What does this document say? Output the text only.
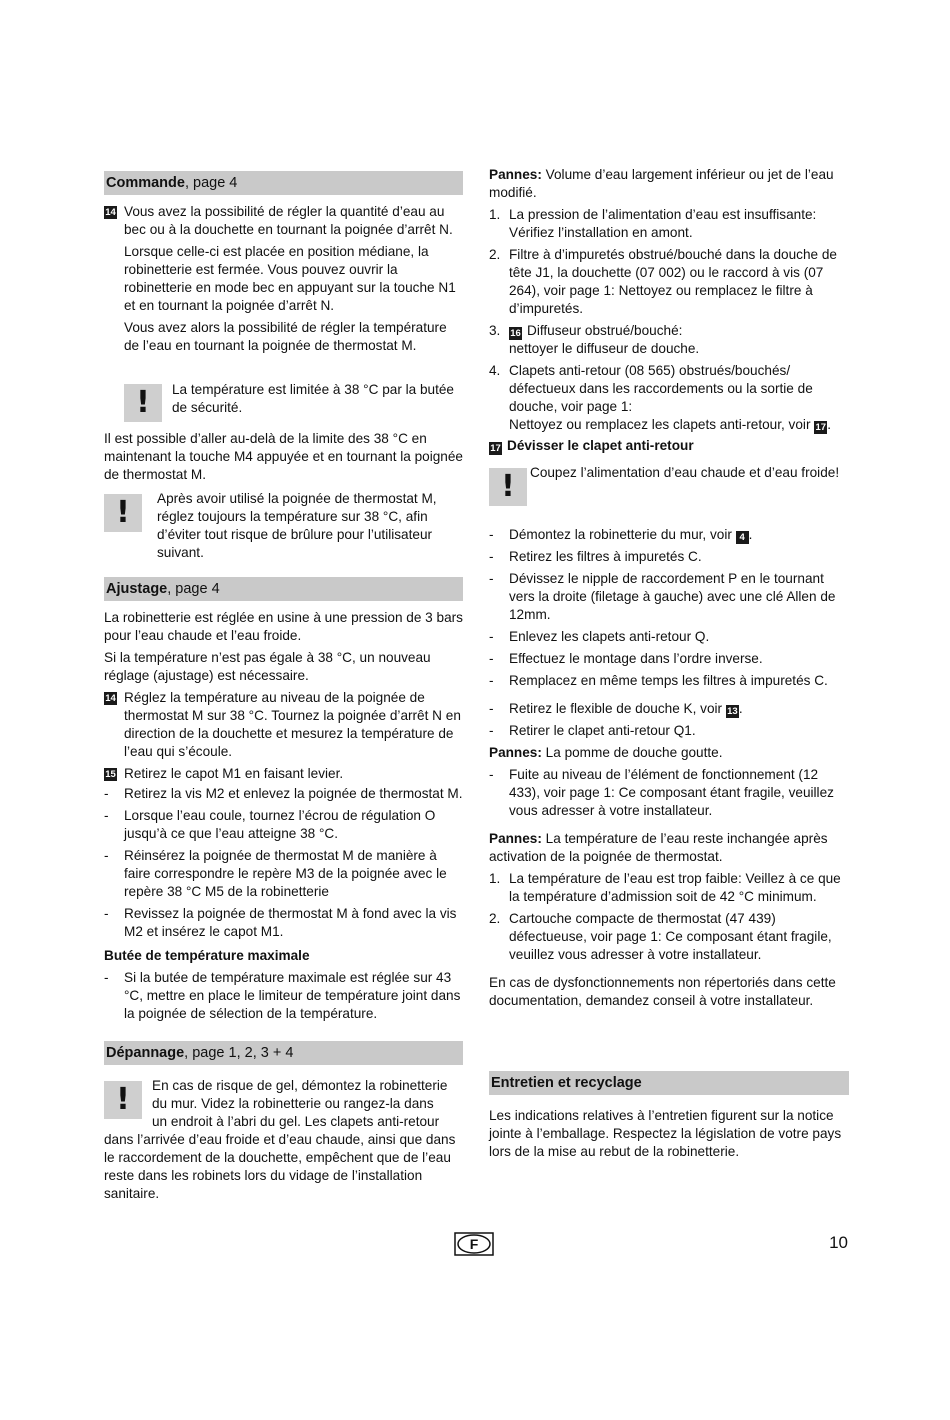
Commande, page 4
14 Vous avez la possibilité de régler la quantité d’eau au bec ou à la douchette en tournant la poignée d’arrêt N.
Lorsque celle-ci est placée en position médiane, la robinetterie est fermée. Vous pouvez ouvrir la robinetterie en mode bec en appuyant sur la touche N1 et en tournant la poignée d’arrêt N.
Vous avez alors la possibilité de régler la température de l’eau en tournant la poignée de thermostat M.
!	La température est limitée à 38 °C par la butée de sécurité.
Il est possible d’aller au-delà de la limite des 38 °C en maintenant la touche M4 appuyée et en tournant la poignée de thermostat M.
!	Après avoir utilisé la poignée de thermostat M, réglez toujours la température sur 38 °C, afin d’éviter tout risque de brûlure pour l’utilisateur suivant.
Ajustage, page 4
La robinetterie est réglée en usine à une pression de 3 bars pour l’eau chaude et l’eau froide.
Si la température n’est pas égale à 38 °C, un nouveau réglage (ajustage) est nécessaire.
14 Réglez la température au niveau de la poignée de thermostat M sur 38 °C. Tournez la poignée d’arrêt N en direction de la douchette et mesurez la température de l’eau qui s’écoule.
15 Retirez le capot M1 en faisant levier.
- Retirez la vis M2 et enlevez la poignée de thermostat M.
- Lorsque l’eau coule, tournez l’écrou de régulation O jusqu’à ce que l’eau atteigne 38 °C.
- Réinsérez la poignée de thermostat M de manière à faire correspondre le repère M3 de la poignée avec le repère 38 °C M5 de la robinetterie
- Revissez la poignée de thermostat M à fond avec la vis M2 et insérez le capot M1.
Butée de température maximale
- Si la butée de température maximale est réglée sur 43 °C, mettre en place le limiteur de température joint dans la poignée de sélection de la température.
Dépannage, page 1, 2, 3 + 4
!	En cas de risque de gel, démontez la robinetterie
du mur. Videz la robinetterie ou rangez-la dans
un endroit à l’abri du gel. Les clapets anti-retour
dans l’arrivée d’eau froide et d’eau chaude, ainsi que dans le raccordement de la douchette, empêchent que de l’eau reste dans les robinets lors du vidage de l’installation sanitaire.
Pannes: Volume d’eau largement inférieur ou jet de l’eau modifié.
1. La pression de l’alimentation d’eau est insuffisante: Vérifiez l’installation en amont.
2. Filtre à d’impuretés obstrué/bouché dans la douche de tête J1, la douchette (07 002) ou le raccord à vis (07 264), voir page 1: Nettoyez ou remplacez le filtre à d’impuretés.
3. 16 Diffuseur obstrué/bouché:
nettoyer le diffuseur de douche.
4. Clapets anti-retour (08 565) obstrués/bouchés/ défectueux dans les raccordements ou la sortie de douche, voir page 1:
Nettoyez ou remplacez les clapets anti-retour, voir 17.
17 Dévisser le clapet anti-retour
!	Coupez l’alimentation d’eau chaude et d’eau froide!
- Démontez la robinetterie du mur, voir 4 .
- Retirez les filtres à impuretés C.
- Dévissez le nipple de raccordement P en le tournant vers la droite (filetage à gauche) avec une clé Allen de 12mm.
- Enlevez les clapets anti-retour Q.
- Effectuez le montage dans l’ordre inverse.
- Remplacez en même temps les filtres à impuretés C.
- Retirez le flexible de douche K, voir 13.
- Retirer le clapet anti-retour Q1.
Pannes: La pomme de douche goutte.
- Fuite au niveau de l’élément de fonctionnement (12 433), voir page 1: Ce composant étant fragile, veuillez vous adresser à votre installateur.
Pannes: La température de l’eau reste inchangée après activation de la poignée de thermostat.
1. La température de l’eau est trop faible: Veillez à ce que la température d’admission soit de 42 °C minimum.
2. Cartouche compacte de thermostat (47 439) défectueuse, voir page 1: Ce composant étant fragile, veuillez vous adresser à votre installateur.
En cas de dysfonctionnements non répertoriés dans cette documentation, demandez conseil à votre installateur.
Entretien et recyclage
Les indications relatives à l’entretien figurent sur la notice jointe à l’emballage. Respectez la législation de votre pays lors de la mise au rebut de la robinetterie.
F	10
